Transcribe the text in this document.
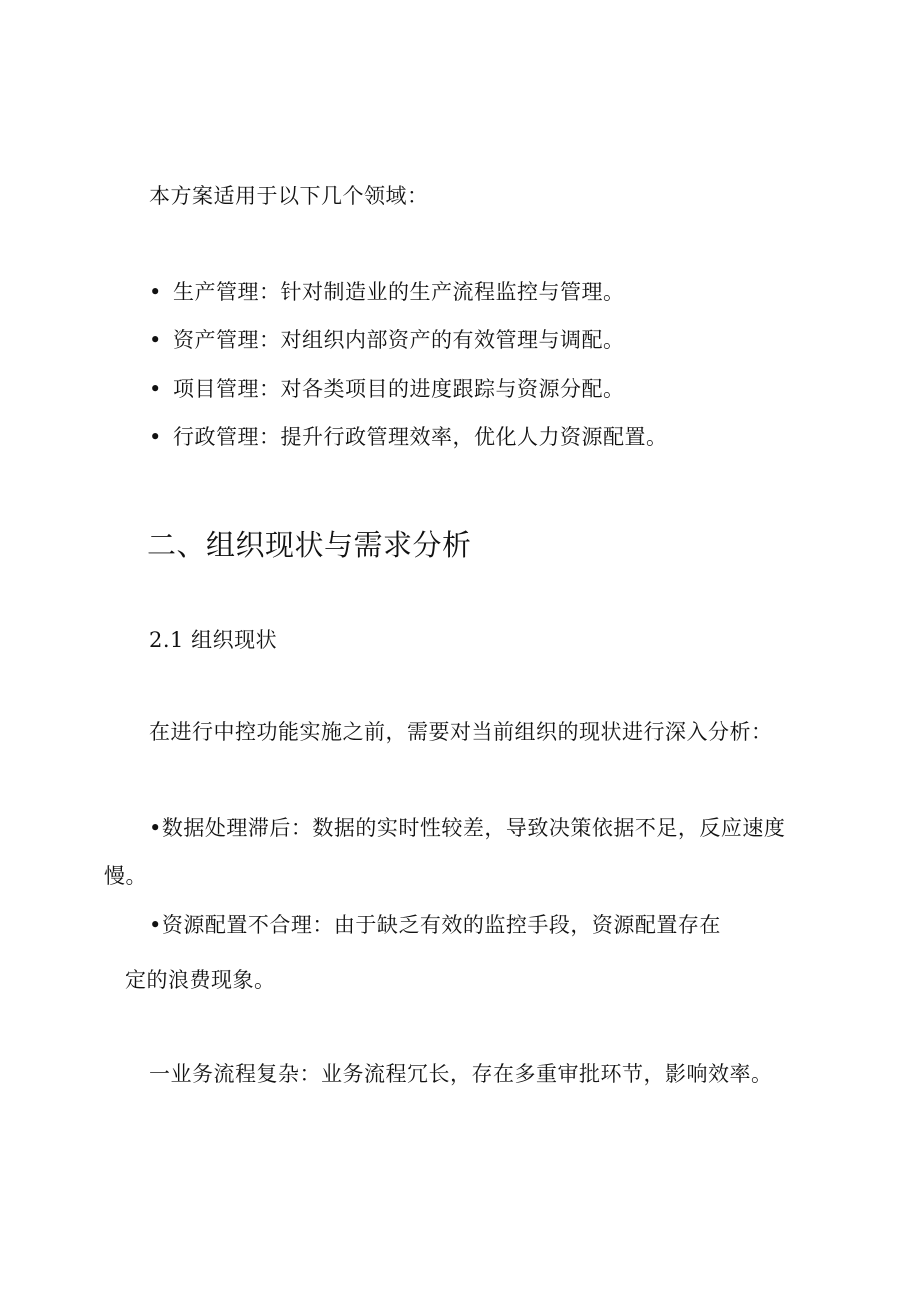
本方案适用于以下几个领域：
• 生产管理：针对制造业的生产流程监控与管理。
• 资产管理：对组织内部资产的有效管理与调配。
• 项目管理：对各类项目的进度跟踪与资源分配。
• 行政管理：提升行政管理效率，优化人力资源配置。
二、组织现状与需求分析
2.1 组织现状
在进行中控功能实施之前，需要对当前组织的现状进行深入分析：
•数据处理滞后：数据的实时性较差，导致决策依据不足，反应速度
慢。
•资源配置不合理：由于缺乏有效的监控手段，资源配置存在
定的浪费现象。
一业务流程复杂：业务流程冗长，存在多重审批环节，影响效率。
